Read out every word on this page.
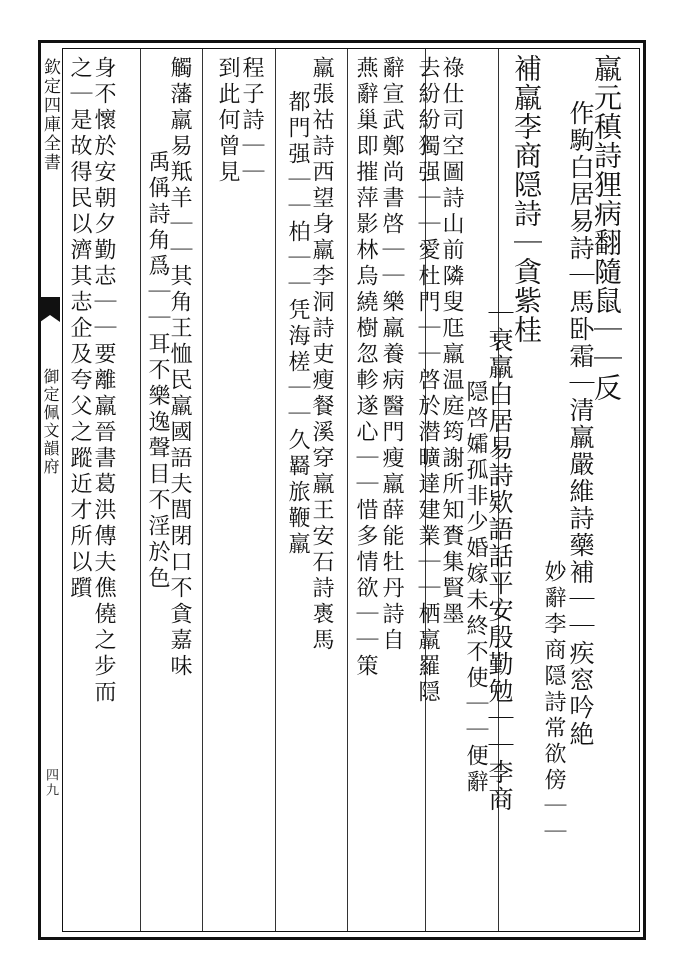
欽定四庫全書
御定佩文韻府
四九
羸元稹詩狸病翻隨鼠｜｜反
作駒白居易詩｜馬卧霜｜清羸嚴維詩藥補｜｜疾窓吟絶
妙辭李商隠詩常欲傍｜｜
補羸李商隠詩｜貪紫桂
｜衰羸白居易詩欵語話平安殷勤勉｜｜李商
隠啓孀孤非少婚嫁未終不使｜｜便辭
祿仕司空圖詩山前隣叟尫羸温庭筠謝所知賚集賢墨
去紛紛獨强｜｜愛杜門｜｜啓於潜曠達建業｜｜栖羸羅隠
辭宣武鄭尚書啓｜｜樂羸養病醫門瘦羸薛能牡丹詩自
燕辭巢即摧萍影林烏繞樹忽軫遂心｜｜惜多情欲｜｜策
羸張祜詩西望身羸李洞詩吏瘦餐溪穿羸王安石詩褭馬
都門强｜｜柏｜｜凭海槎｜｜久羇旅鞭羸
程子詩｜｜
到此何曾見
觸藩羸易羝羊｜｜其角王恤民羸國語夫閭閉口不貪嘉味
禹偁詩角爲｜｜耳不樂逸聲目不淫於色
身不懷於安朝夕勤志｜｜要離羸晉書葛洪傳夫僬僥之步而
之｜是故得民以濟其志企及夸父之蹤近才所以躓
